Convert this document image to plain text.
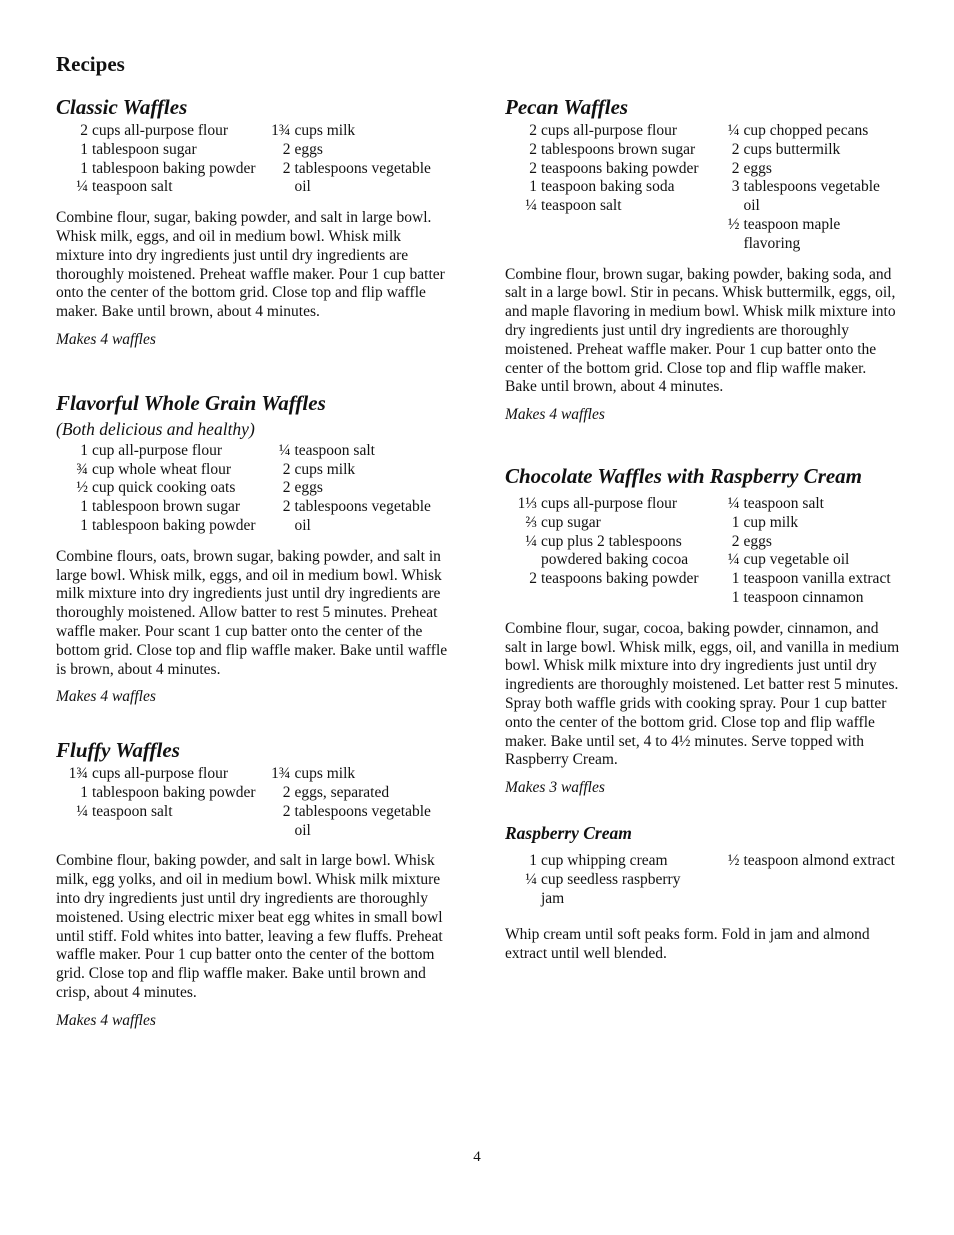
Recipes
Classic Waffles
2 cups all-purpose flour
1 tablespoon sugar
1 tablespoon baking powder
¼ teaspoon salt
1¾ cups milk
2 eggs
2 tablespoons vegetable oil

Combine flour, sugar, baking powder, and salt in large bowl. Whisk milk, eggs, and oil in medium bowl. Whisk milk mixture into dry ingredients just until dry ingredients are thoroughly moistened. Preheat waffle maker. Pour 1 cup batter onto the center of the bottom grid. Close top and flip waffle maker. Bake until brown, about 4 minutes.

Makes 4 waffles

Flavorful Whole Grain Waffles

(Both delicious and healthy)

1 cup all-purpose flour
¾ cup whole wheat flour
½ cup quick cooking oats
1 tablespoon brown sugar
1 tablespoon baking powder
¼ teaspoon salt
2 cups milk
2 eggs
2 tablespoons vegetable oil

Combine flours, oats, brown sugar, baking powder, and salt in large bowl. Whisk milk, eggs, and oil in medium bowl. Whisk milk mixture into dry ingredients just until dry ingredients are thoroughly moistened. Allow batter to rest 5 minutes. Preheat waffle maker. Pour scant 1 cup batter onto the center of the bottom grid. Close top and flip waffle maker. Bake until waffle is brown, about 4 minutes.

Makes 4 waffles

Fluffy Waffles
1¾ cups all-purpose flour
1 tablespoon baking powder
¼ teaspoon salt
1¾ cups milk
2 eggs, separated
2 tablespoons vegetable oil

Combine flour, baking powder, and salt in large bowl. Whisk milk, egg yolks, and oil in medium bowl. Whisk milk mixture into dry ingredients just until dry ingredients are thoroughly moistened. Using electric mixer beat egg whites in small bowl until stiff. Fold whites into batter, leaving a few fluffs. Preheat waffle maker. Pour 1 cup batter onto the center of the bottom grid. Close top and flip waffle maker. Bake until brown and crisp, about 4 minutes.

Makes 4 waffles

Pecan Waffles
2 cups all-purpose flour
2 tablespoons brown sugar
2 teaspoons baking powder
1 teaspoon baking soda
¼ teaspoon salt
¼ cup chopped pecans
2 cups buttermilk
2 eggs
3 tablespoons vegetable oil
½ teaspoon maple flavoring

Combine flour, brown sugar, baking powder, baking soda, and salt in a large bowl. Stir in pecans. Whisk buttermilk, eggs, oil, and maple flavoring in medium bowl. Whisk milk mixture into dry ingredients just until dry ingredients are thoroughly moistened. Preheat waffle maker. Pour 1 cup batter onto the center of the bottom grid. Close top and flip waffle maker. Bake until brown, about 4 minutes.

Makes 4 waffles

Chocolate Waffles with Raspberry Cream
1⅓ cups all-purpose flour
⅔ cup sugar
¼ cup plus 2 tablespoons powdered baking cocoa
2 teaspoons baking powder
¼ teaspoon salt
1 cup milk
2 eggs
¼ cup vegetable oil
1 teaspoon vanilla extract
1 teaspoon cinnamon

Combine flour, sugar, cocoa, baking powder, cinnamon, and salt in large bowl. Whisk milk, eggs, oil, and vanilla in medium bowl. Whisk milk mixture into dry ingredients just until dry ingredients are thoroughly moistened. Let batter rest 5 minutes. Spray both waffle grids with cooking spray. Pour 1 cup batter onto the center of the bottom grid. Close top and flip waffle maker. Bake until set, 4 to 4½ minutes. Serve topped with Raspberry Cream.

Makes 3 waffles

Raspberry Cream
1 cup whipping cream
¼ cup seedless raspberry jam
½ teaspoon almond extract

Whip cream until soft peaks form. Fold in jam and almond extract until well blended.

4
